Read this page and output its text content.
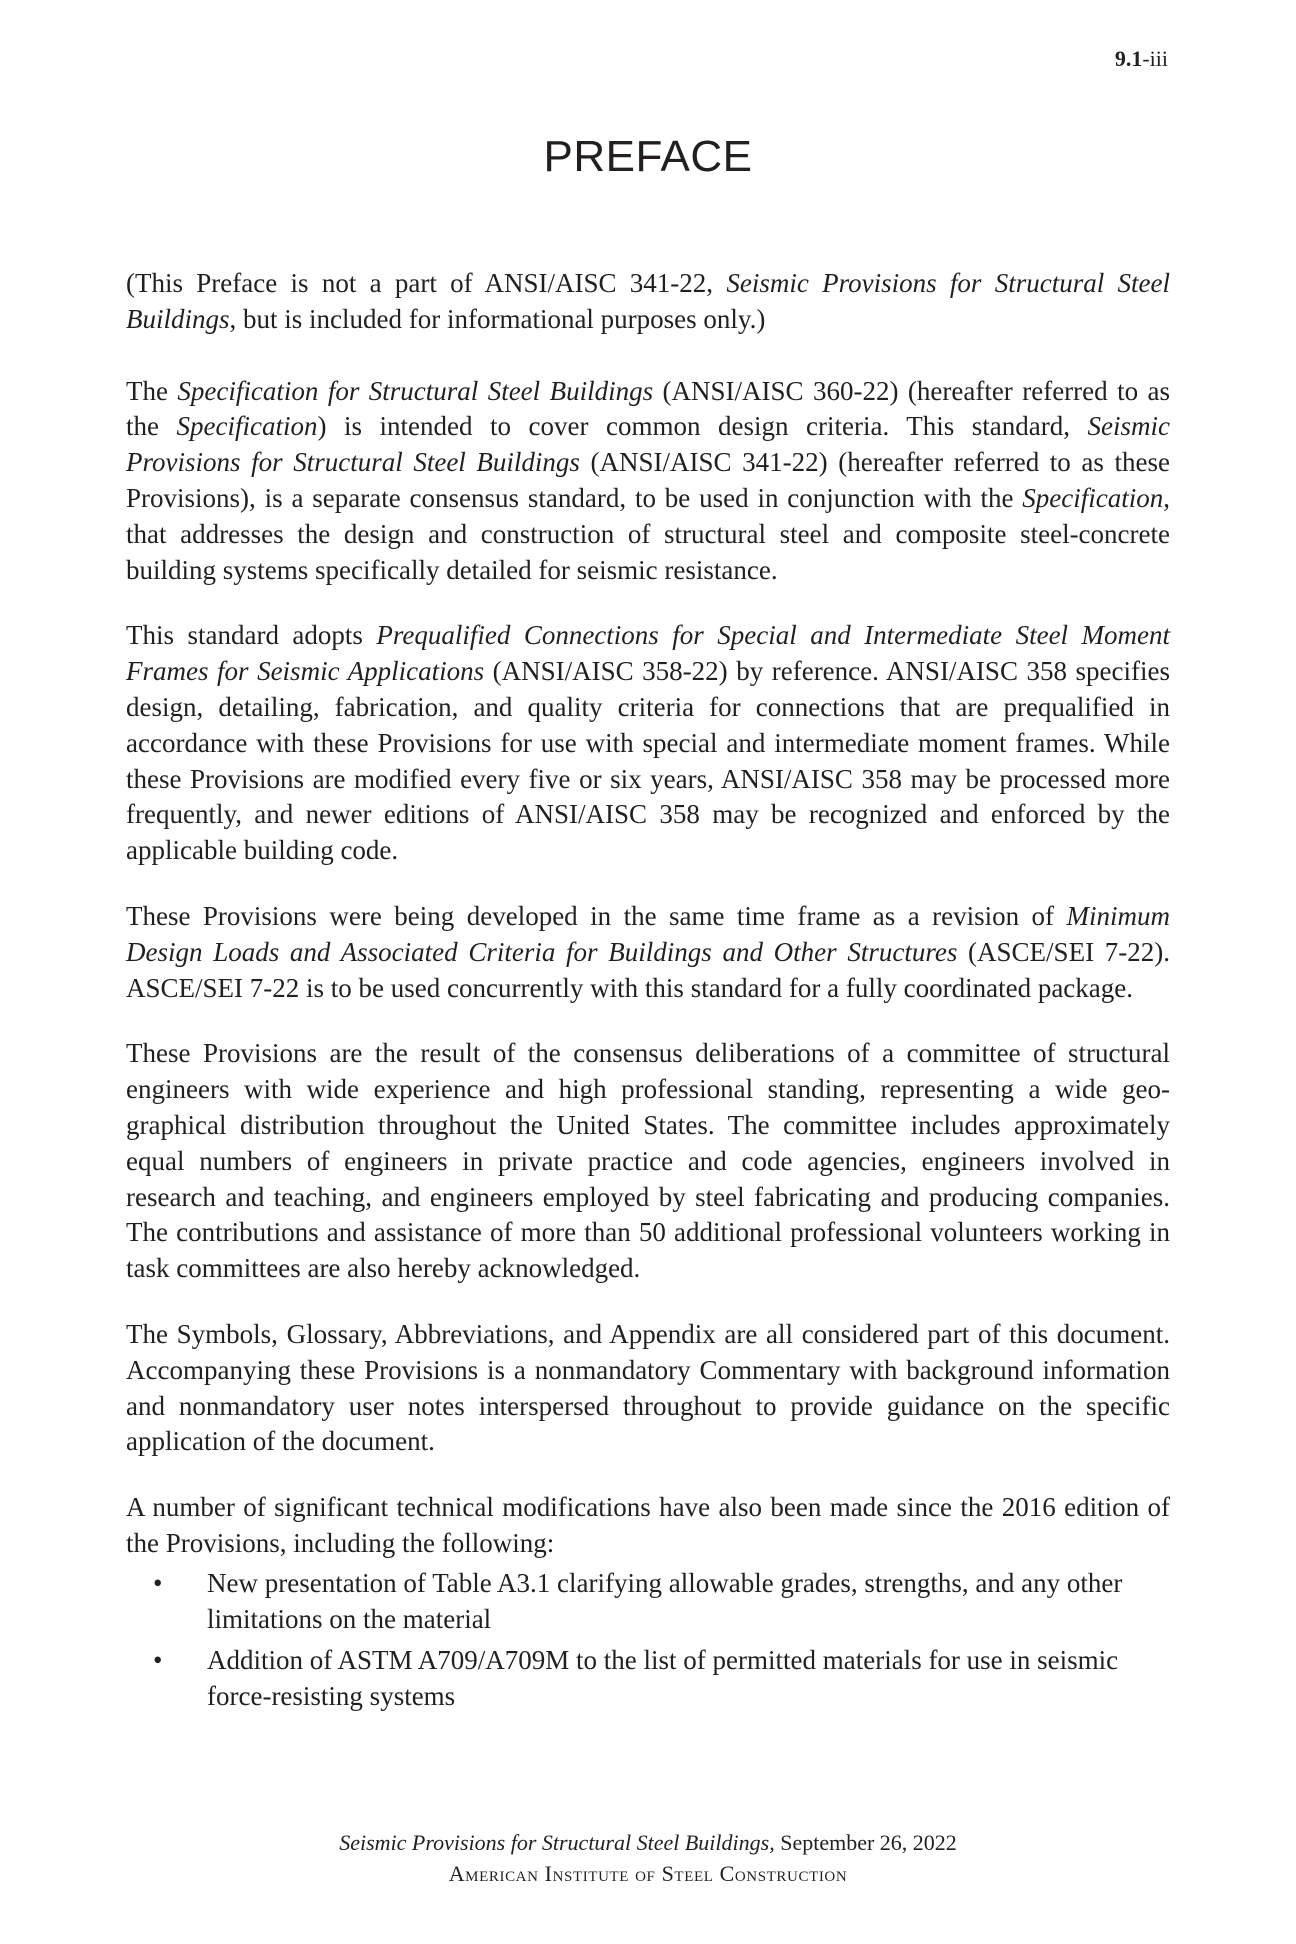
9.1-iii
PREFACE

(This Preface is not a part of ANSI/AISC 341-22, Seismic Provisions for Structural Steel Buildings, but is included for informational purposes only.)

The Specification for Structural Steel Buildings (ANSI/AISC 360-22) (hereafter referred to as the Specification) is intended to cover common design criteria. This standard, Seismic Provisions for Structural Steel Buildings (ANSI/AISC 341-22) (hereafter referred to as these Provisions), is a separate consensus standard, to be used in conjunction with the Specification, that addresses the design and construction of structural steel and composite steel-concrete building systems specifically detailed for seismic resistance.

This standard adopts Prequalified Connections for Special and Intermediate Steel Moment Frames for Seismic Applications (ANSI/AISC 358-22) by reference. ANSI/AISC 358 specifies design, detailing, fabrication, and quality criteria for connections that are prequalified in accordance with these Provisions for use with special and intermediate moment frames. While these Provisions are modified every five or six years, ANSI/AISC 358 may be processed more frequently, and newer editions of ANSI/AISC 358 may be recognized and enforced by the applicable building code.

These Provisions were being developed in the same time frame as a revision of Minimum Design Loads and Associated Criteria for Buildings and Other Structures (ASCE/SEI 7-22). ASCE/SEI 7-22 is to be used concurrently with this standard for a fully coordinated package.

These Provisions are the result of the consensus deliberations of a committee of structural engineers with wide experience and high professional standing, representing a wide geographical distribution throughout the United States. The committee includes approximately equal numbers of engineers in private practice and code agencies, engineers involved in research and teaching, and engineers employed by steel fabricating and producing companies. The contributions and assistance of more than 50 additional professional volunteers working in task committees are also hereby acknowledged.

The Symbols, Glossary, Abbreviations, and Appendix are all considered part of this document. Accompanying these Provisions is a nonmandatory Commentary with background information and nonmandatory user notes interspersed throughout to provide guidance on the specific application of the document.

A number of significant technical modifications have also been made since the 2016 edition of the Provisions, including the following:

• New presentation of Table A3.1 clarifying allowable grades, strengths, and any other limitations on the material
• Addition of ASTM A709/A709M to the list of permitted materials for use in seismic force-resisting systems
Seismic Provisions for Structural Steel Buildings, September 26, 2022
American Institute of Steel Construction
